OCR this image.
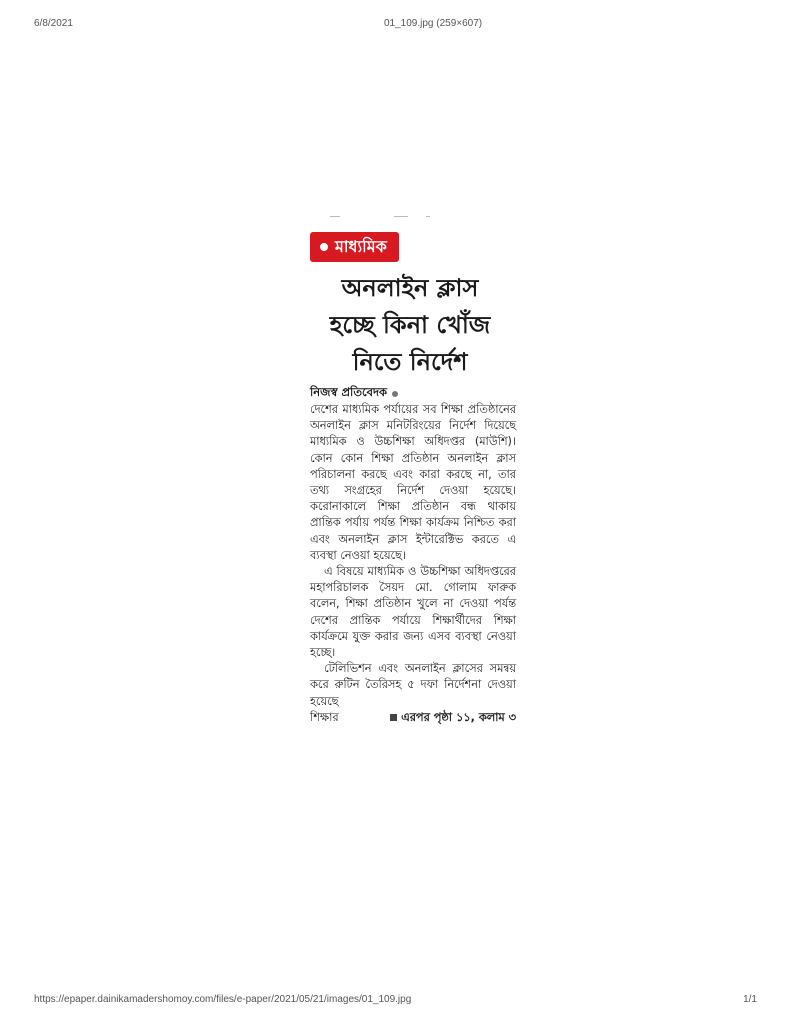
6/8/2021	01_109.jpg (259×607)
মাধ্যমিক
অনলাইন ক্লাস
হচ্ছে কিনা খোঁজ
নিতে নির্দেশ
নিজস্ব প্রতিবেদক

দেশের মাধ্যমিক পর্যায়ের সব শিক্ষা প্রতিষ্ঠানের অনলাইন ক্লাস মনিটরিংয়ের নির্দেশ দিয়েছে মাধ্যমিক ও উচ্চশিক্ষা অধিদপ্তর (মাউশি)। কোন কোন শিক্ষা প্রতিষ্ঠান অনলাইন ক্লাস পরিচালনা করছে এবং কারা করছে না, তার তথ্য সংগ্রহের নির্দেশ দেওয়া হয়েছে। করোনাকালে শিক্ষা প্রতিষ্ঠান বন্ধ থাকায় প্রান্তিক পর্যায় পর্যন্ত শিক্ষা কার্যক্রম নিশ্চিত করা এবং অনলাইন ক্লাস ইন্টারেক্টিভ করতে এ ব্যবস্থা নেওয়া হয়েছে।

এ বিষয়ে মাধ্যমিক ও উচ্চশিক্ষা অধিদপ্তরের মহাপরিচালক সৈয়দ মো. গোলাম ফারুক বলেন, শিক্ষা প্রতিষ্ঠান খুলে না দেওয়া পর্যন্ত দেশের প্রান্তিক পর্যায়ে শিক্ষার্থীদের শিক্ষা কার্যক্রমে যুক্ত করার জন্য এসব ব্যবস্থা নেওয়া হচ্ছে।

টেলিভিশন এবং অনলাইন ক্লাসের সমন্বয় করে রুটিন তৈরিসহ ৫ দফা নির্দেশনা দেওয়া হয়েছে

শিক্ষার	এরপর পৃষ্ঠা ১১, কলাম ৩
https://epaper.dainikamadershomoy.com/files/e-paper/2021/05/21/images/01_109.jpg	1/1
